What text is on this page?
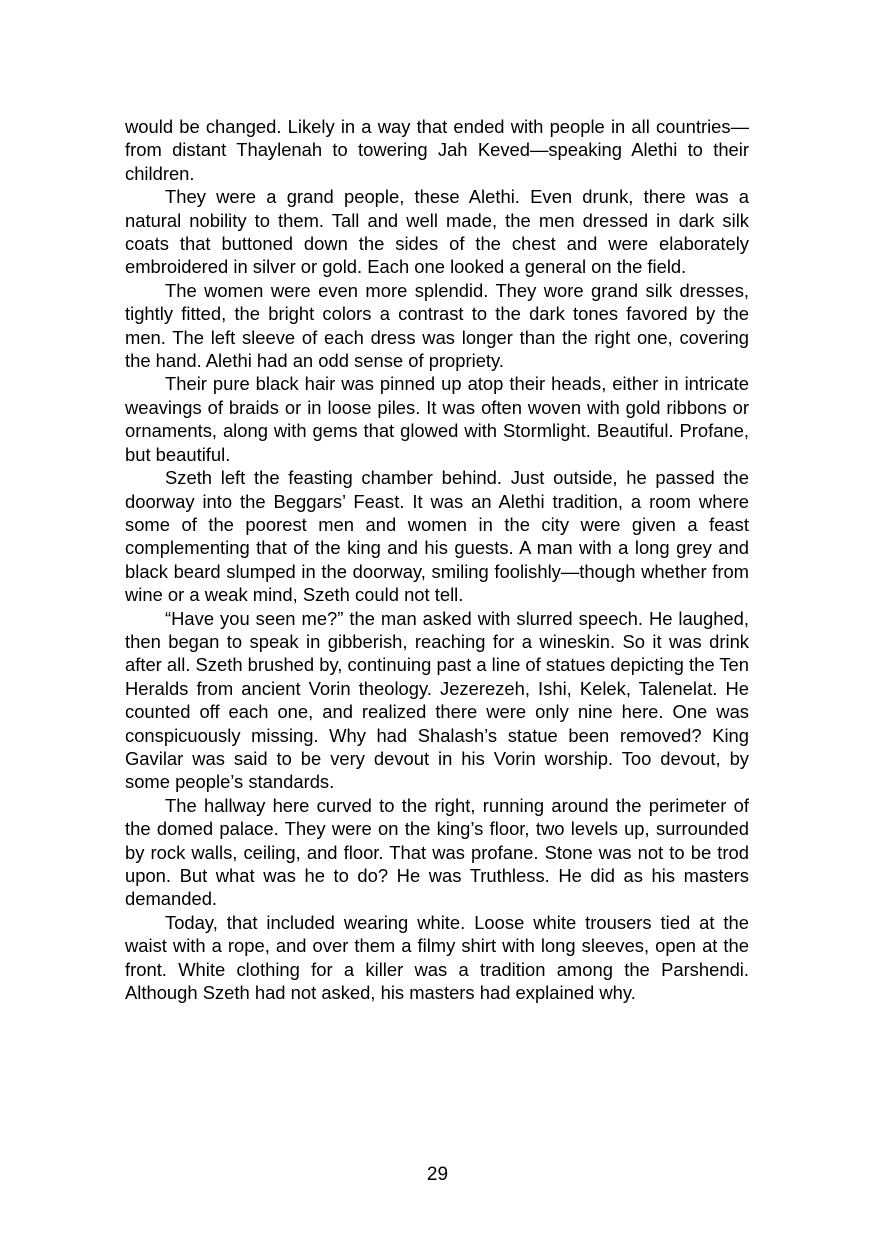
would be changed. Likely in a way that ended with people in all countries—from distant Thaylenah to towering Jah Keved—speaking Alethi to their children.

They were a grand people, these Alethi. Even drunk, there was a natural nobility to them. Tall and well made, the men dressed in dark silk coats that buttoned down the sides of the chest and were elaborately embroidered in silver or gold. Each one looked a general on the field.

The women were even more splendid. They wore grand silk dresses, tightly fitted, the bright colors a contrast to the dark tones favored by the men. The left sleeve of each dress was longer than the right one, covering the hand. Alethi had an odd sense of propriety.

Their pure black hair was pinned up atop their heads, either in intricate weavings of braids or in loose piles. It was often woven with gold ribbons or ornaments, along with gems that glowed with Stormlight. Beautiful. Profane, but beautiful.

Szeth left the feasting chamber behind. Just outside, he passed the doorway into the Beggars’ Feast. It was an Alethi tradition, a room where some of the poorest men and women in the city were given a feast complementing that of the king and his guests. A man with a long grey and black beard slumped in the doorway, smiling foolishly—though whether from wine or a weak mind, Szeth could not tell.

“Have you seen me?” the man asked with slurred speech. He laughed, then began to speak in gibberish, reaching for a wineskin. So it was drink after all. Szeth brushed by, continuing past a line of statues depicting the Ten Heralds from ancient Vorin theology. Jezerezeh, Ishi, Kelek, Talenelat. He counted off each one, and realized there were only nine here. One was conspicuously missing. Why had Shalash’s statue been removed? King Gavilar was said to be very devout in his Vorin worship. Too devout, by some people’s standards.

The hallway here curved to the right, running around the perimeter of the domed palace. They were on the king’s floor, two levels up, surrounded by rock walls, ceiling, and floor. That was profane. Stone was not to be trod upon. But what was he to do? He was Truthless. He did as his masters demanded.

Today, that included wearing white. Loose white trousers tied at the waist with a rope, and over them a filmy shirt with long sleeves, open at the front. White clothing for a killer was a tradition among the Parshendi. Although Szeth had not asked, his masters had explained why.

29
